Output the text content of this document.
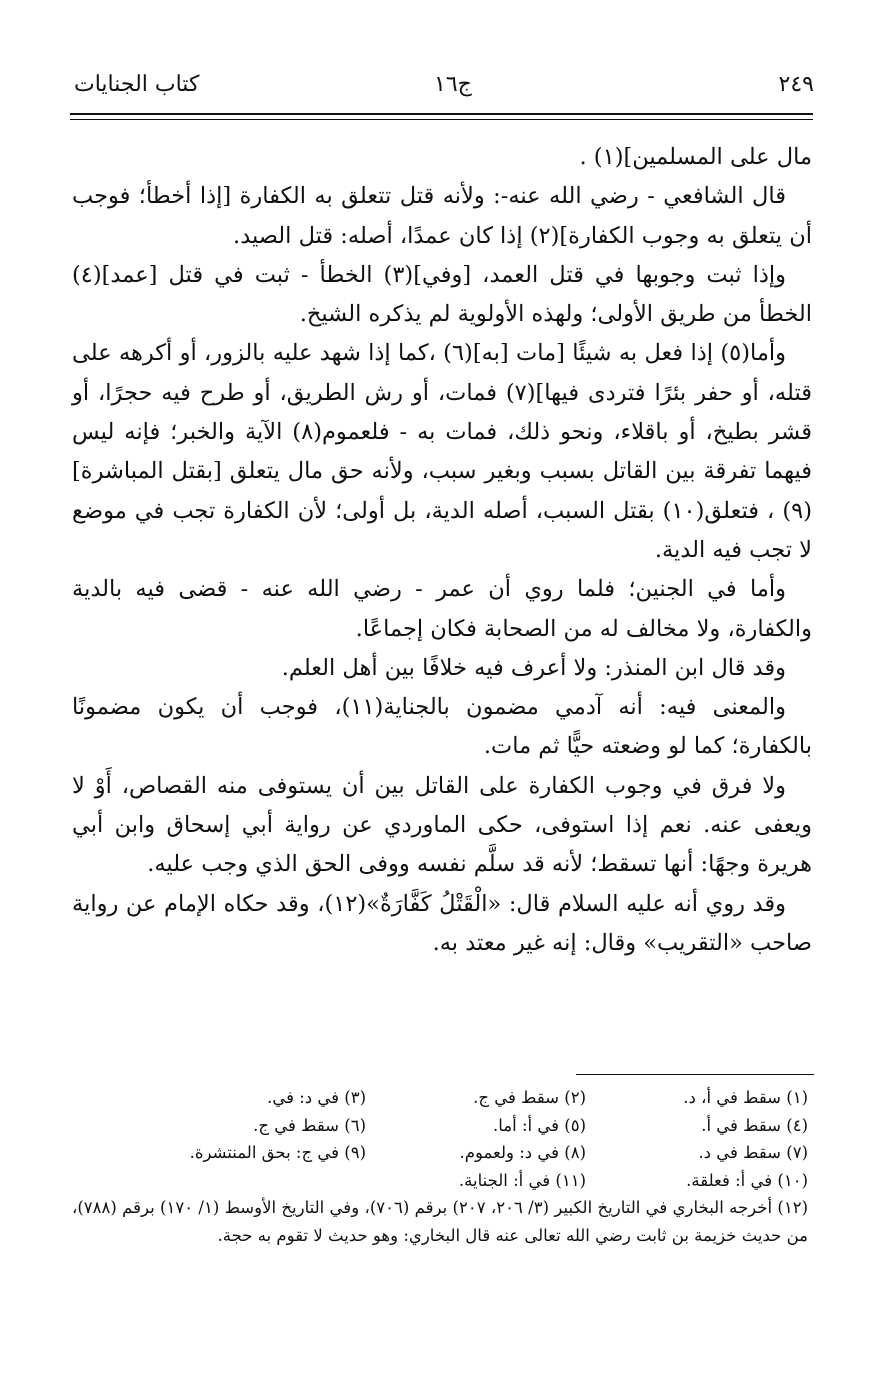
كتاب الجنايات	ج١٦	٢٤٩

مال على المسلمين](١) .

قال الشافعي - رضي الله عنه-: ولأنه قتل تتعلق به الكفارة [إذا أخطأ؛ فوجب أن يتعلق به وجوب الكفارة](٢) إذا كان عمدًا، أصله: قتل الصيد.

وإذا ثبت وجوبها في قتل العمد، [وفي](٣) الخطأ - ثبت في قتل [عمد](٤) الخطأ من طريق الأولى؛ ولهذه الأولوية لم يذكره الشيخ.

وأما(٥) إذا فعل به شيئًا [مات [به](٦) ،كما إذا شهد عليه بالزور، أو أكرهه على قتله، أو حفر بئرًا فتردى فيها](٧) فمات، أو رش الطريق، أو طرح فيه حجرًا، أو قشر بطيخ، أو باقلاء، ونحو ذلك، فمات به - فلعموم(٨) الآية والخبر؛ فإنه ليس فيهما تفرقة بين القاتل بسبب وبغير سبب، ولأنه حق مال يتعلق [بقتل المباشرة](٩) ، فتعلق(١٠) بقتل السبب، أصله الدية، بل أولى؛ لأن الكفارة تجب في موضع لا تجب فيه الدية.

وأما في الجنين؛ فلما روي أن عمر - رضي الله عنه - قضى فيه بالدية والكفارة، ولا مخالف له من الصحابة فكان إجماعًا.

وقد قال ابن المنذر: ولا أعرف فيه خلافًا بين أهل العلم.

والمعنى فيه: أنه آدمي مضمون بالجناية(١١)، فوجب أن يكون مضمونًا بالكفارة؛ كما لو وضعته حيًّا ثم مات.

ولا فرق في وجوب الكفارة على القاتل بين أن يستوفى منه القصاص، أَوْ لا ويعفى عنه. نعم إذا استوفى، حكى الماوردي عن رواية أبي إسحاق وابن أبي هريرة وجهًا: أنها تسقط؛ لأنه قد سلَّم نفسه ووفى الحق الذي وجب عليه.

وقد روي أنه عليه السلام قال: «الْقَتْلُ كَفَّارَةٌ»(١٢)، وقد حكاه الإمام عن رواية صاحب «التقريب» وقال: إنه غير معتد به.

(١) سقط في أ، د.
(٢) سقط في ج.
(٣) في د: في.
(٤) سقط في أ.
(٥) في أ: أما.
(٦) سقط في ج.
(٧) سقط في د.
(٨) في د: ولعموم.
(٩) في ج: بحق المنتشرة.
(١٠) في أ: فعلقة.
(١١) في أ: الجناية.
(١٢) أخرجه البخاري في التاريخ الكبير (٣/ ٢٠٦، ٢٠٧) برقم (٧٠٦)، وفي التاريخ الأوسط (١/ ١٧٠) برقم (٧٨٨)، من حديث خزيمة بن ثابت رضي الله تعالى عنه قال البخاري: وهو حديث لا تقوم به حجة.
